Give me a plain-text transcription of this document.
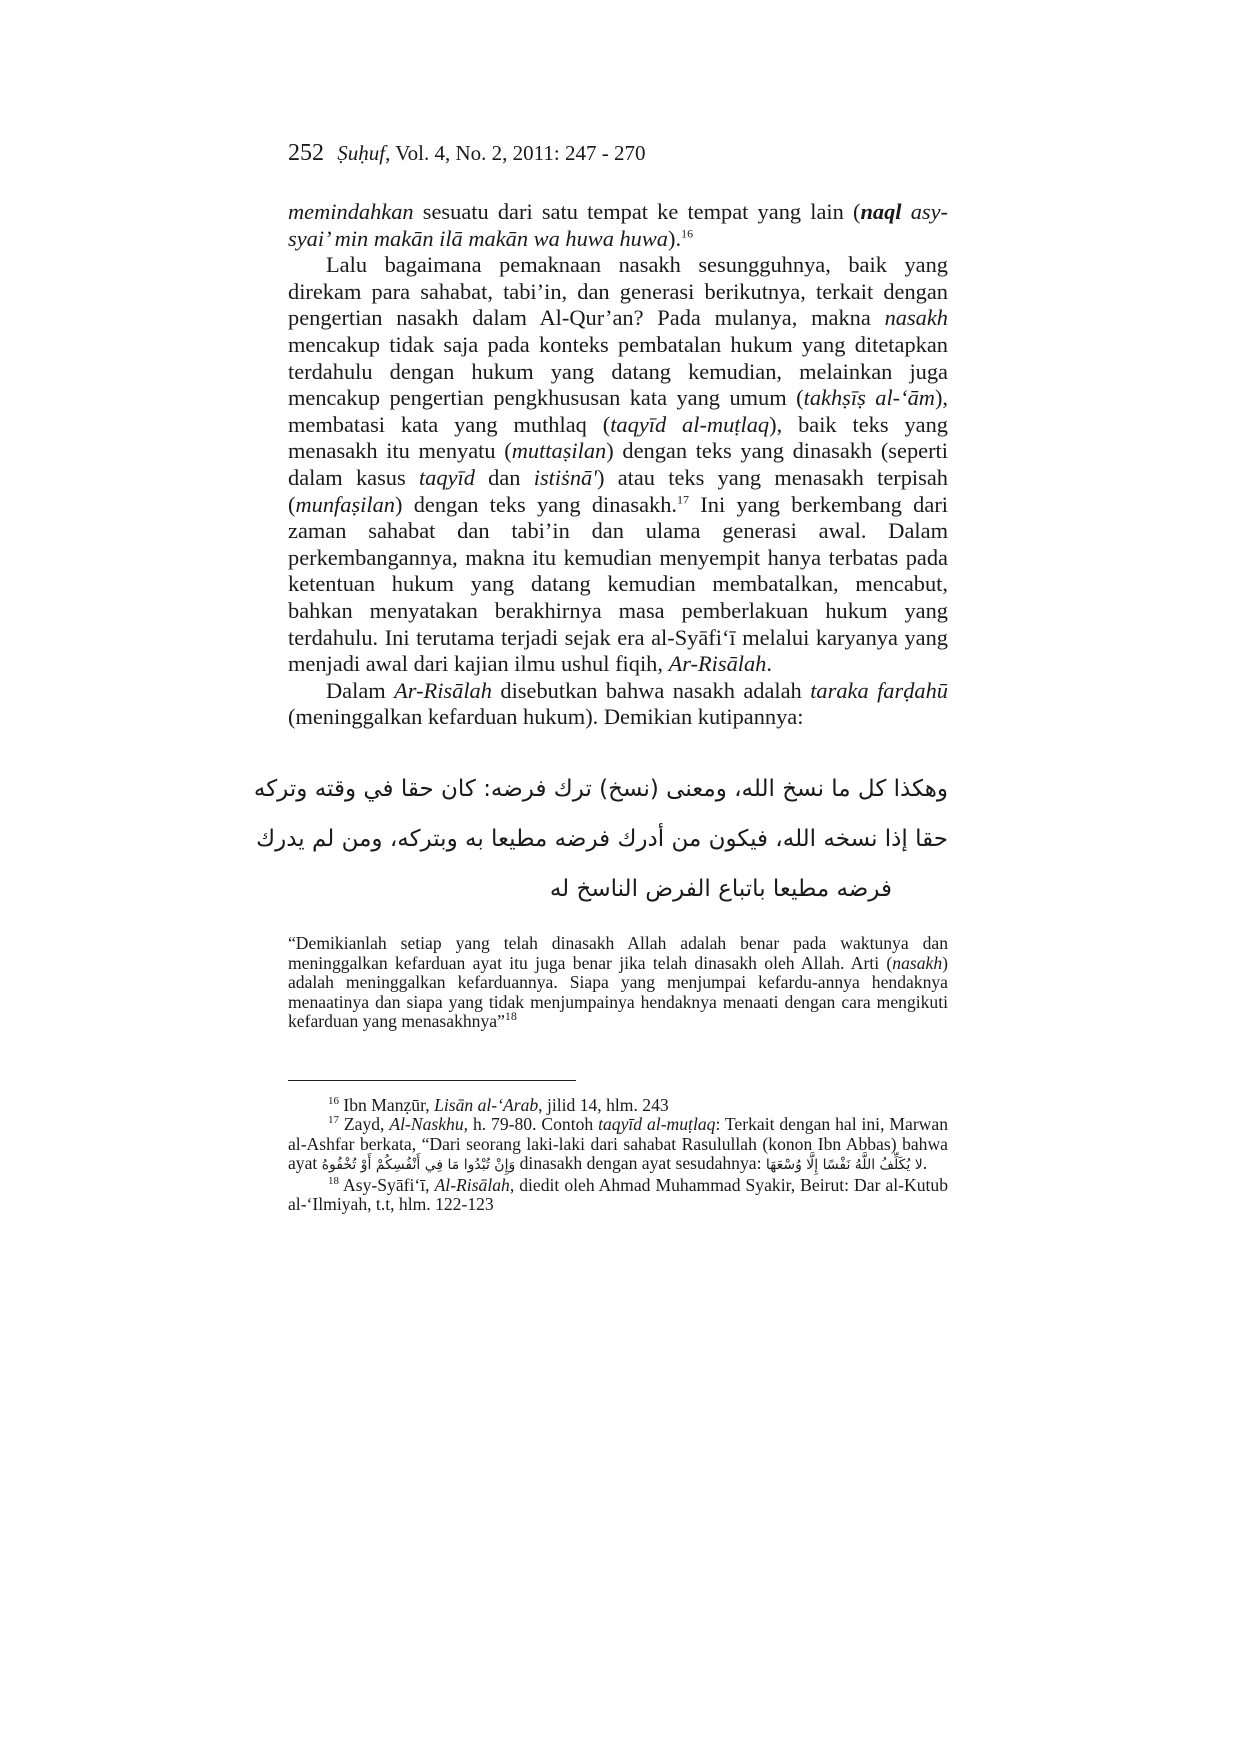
252 Ṣuḥuf, Vol. 4, No. 2, 2011: 247 - 270

memindahkan sesuatu dari satu tempat ke tempat yang lain (naql asy-syai’ min makān ilā makān wa huwa huwa).$^{16}$

Lalu bagaimana pemaknaan nasakh sesungguhnya, baik yang direkam para sahabat, tabi’in, dan generasi berikutnya, terkait dengan pengertian nasakh dalam Al-Qur’an? Pada mulanya, makna nasakh mencakup tidak saja pada konteks pembatalan hukum yang ditetapkan terdahulu dengan hukum yang datang kemudian, melainkan juga mencakup pengertian pengkhususan kata yang umum (takhṣīṣ al-‘ām), membatasi kata yang muthlaq (taqyīd al-muṭlaq), baik teks yang menasakh itu menyatu (muttaṣilan) dengan teks yang dinasakh (seperti dalam kasus taqyīd dan istiṡnā') atau teks yang menasakh terpisah (munfaṣilan) dengan teks yang dinasakh.$^{17}$ Ini yang berkembang dari zaman sahabat dan tabi’in dan ulama generasi awal. Dalam perkembangannya, makna itu kemudian menyempit hanya terbatas pada ketentuan hukum yang datang kemudian membatalkan, mencabut, bahkan menyatakan berakhirnya masa pemberlakuan hukum yang terdahulu. Ini terutama terjadi sejak era al-Syāfi‘ī melalui karyanya yang menjadi awal dari kajian ilmu ushul fiqih, Ar-Risālah.

Dalam Ar-Risālah disebutkan bahwa nasakh adalah taraka farḍahū (meninggalkan kefarduan hukum). Demikian kutipannya:

وهكذا كل ما نسخ الله، ومعنى (نسخ) ترك فرضه: كان حقا في وقته وتركه
حقا إذا نسخه الله، فيكون من أدرك فرضه مطيعا به وبتركه، ومن لم يدرك
فرضه مطيعا باتباع الفرض الناسخ له
“Demikianlah setiap yang telah dinasakh Allah adalah benar pada waktunya dan meninggalkan kefarduan ayat itu juga benar jika telah dinasakh oleh Allah. Arti (nasakh) adalah meninggalkan kefarduannya. Siapa yang menjumpai kefardu-annya hendaknya menaatinya dan siapa yang tidak menjumpainya hendaknya menaati dengan cara mengikuti kefarduan yang menasakhnya”$^{18}$

$^{16}$ Ibn Manẓūr, Lisān al-‘Arab, jilid 14, hlm. 243

$^{17}$ Zayd, Al-Naskhu, h. 79-80. Contoh taqyīd al-muṭlaq: Terkait dengan hal ini, Marwan al-Ashfar berkata, “Dari seorang laki-laki dari sahabat Rasulullah (konon Ibn Abbas) bahwa ayat وَإِنْ تُبْدُوا مَا فِي أَنْفُسِكُمْ أَوْ تُخْفُوهُ dinasakh dengan ayat sesudahnya: لا يُكَلِّفُ اللَّهُ نَفْسًا إِلَّا وُسْعَهَا.

$^{18}$ Asy-Syāfi‘ī, Al-Risālah, diedit oleh Ahmad Muhammad Syakir, Beirut: Dar al-Kutub al-‘Ilmiyah, t.t, hlm. 122-123
